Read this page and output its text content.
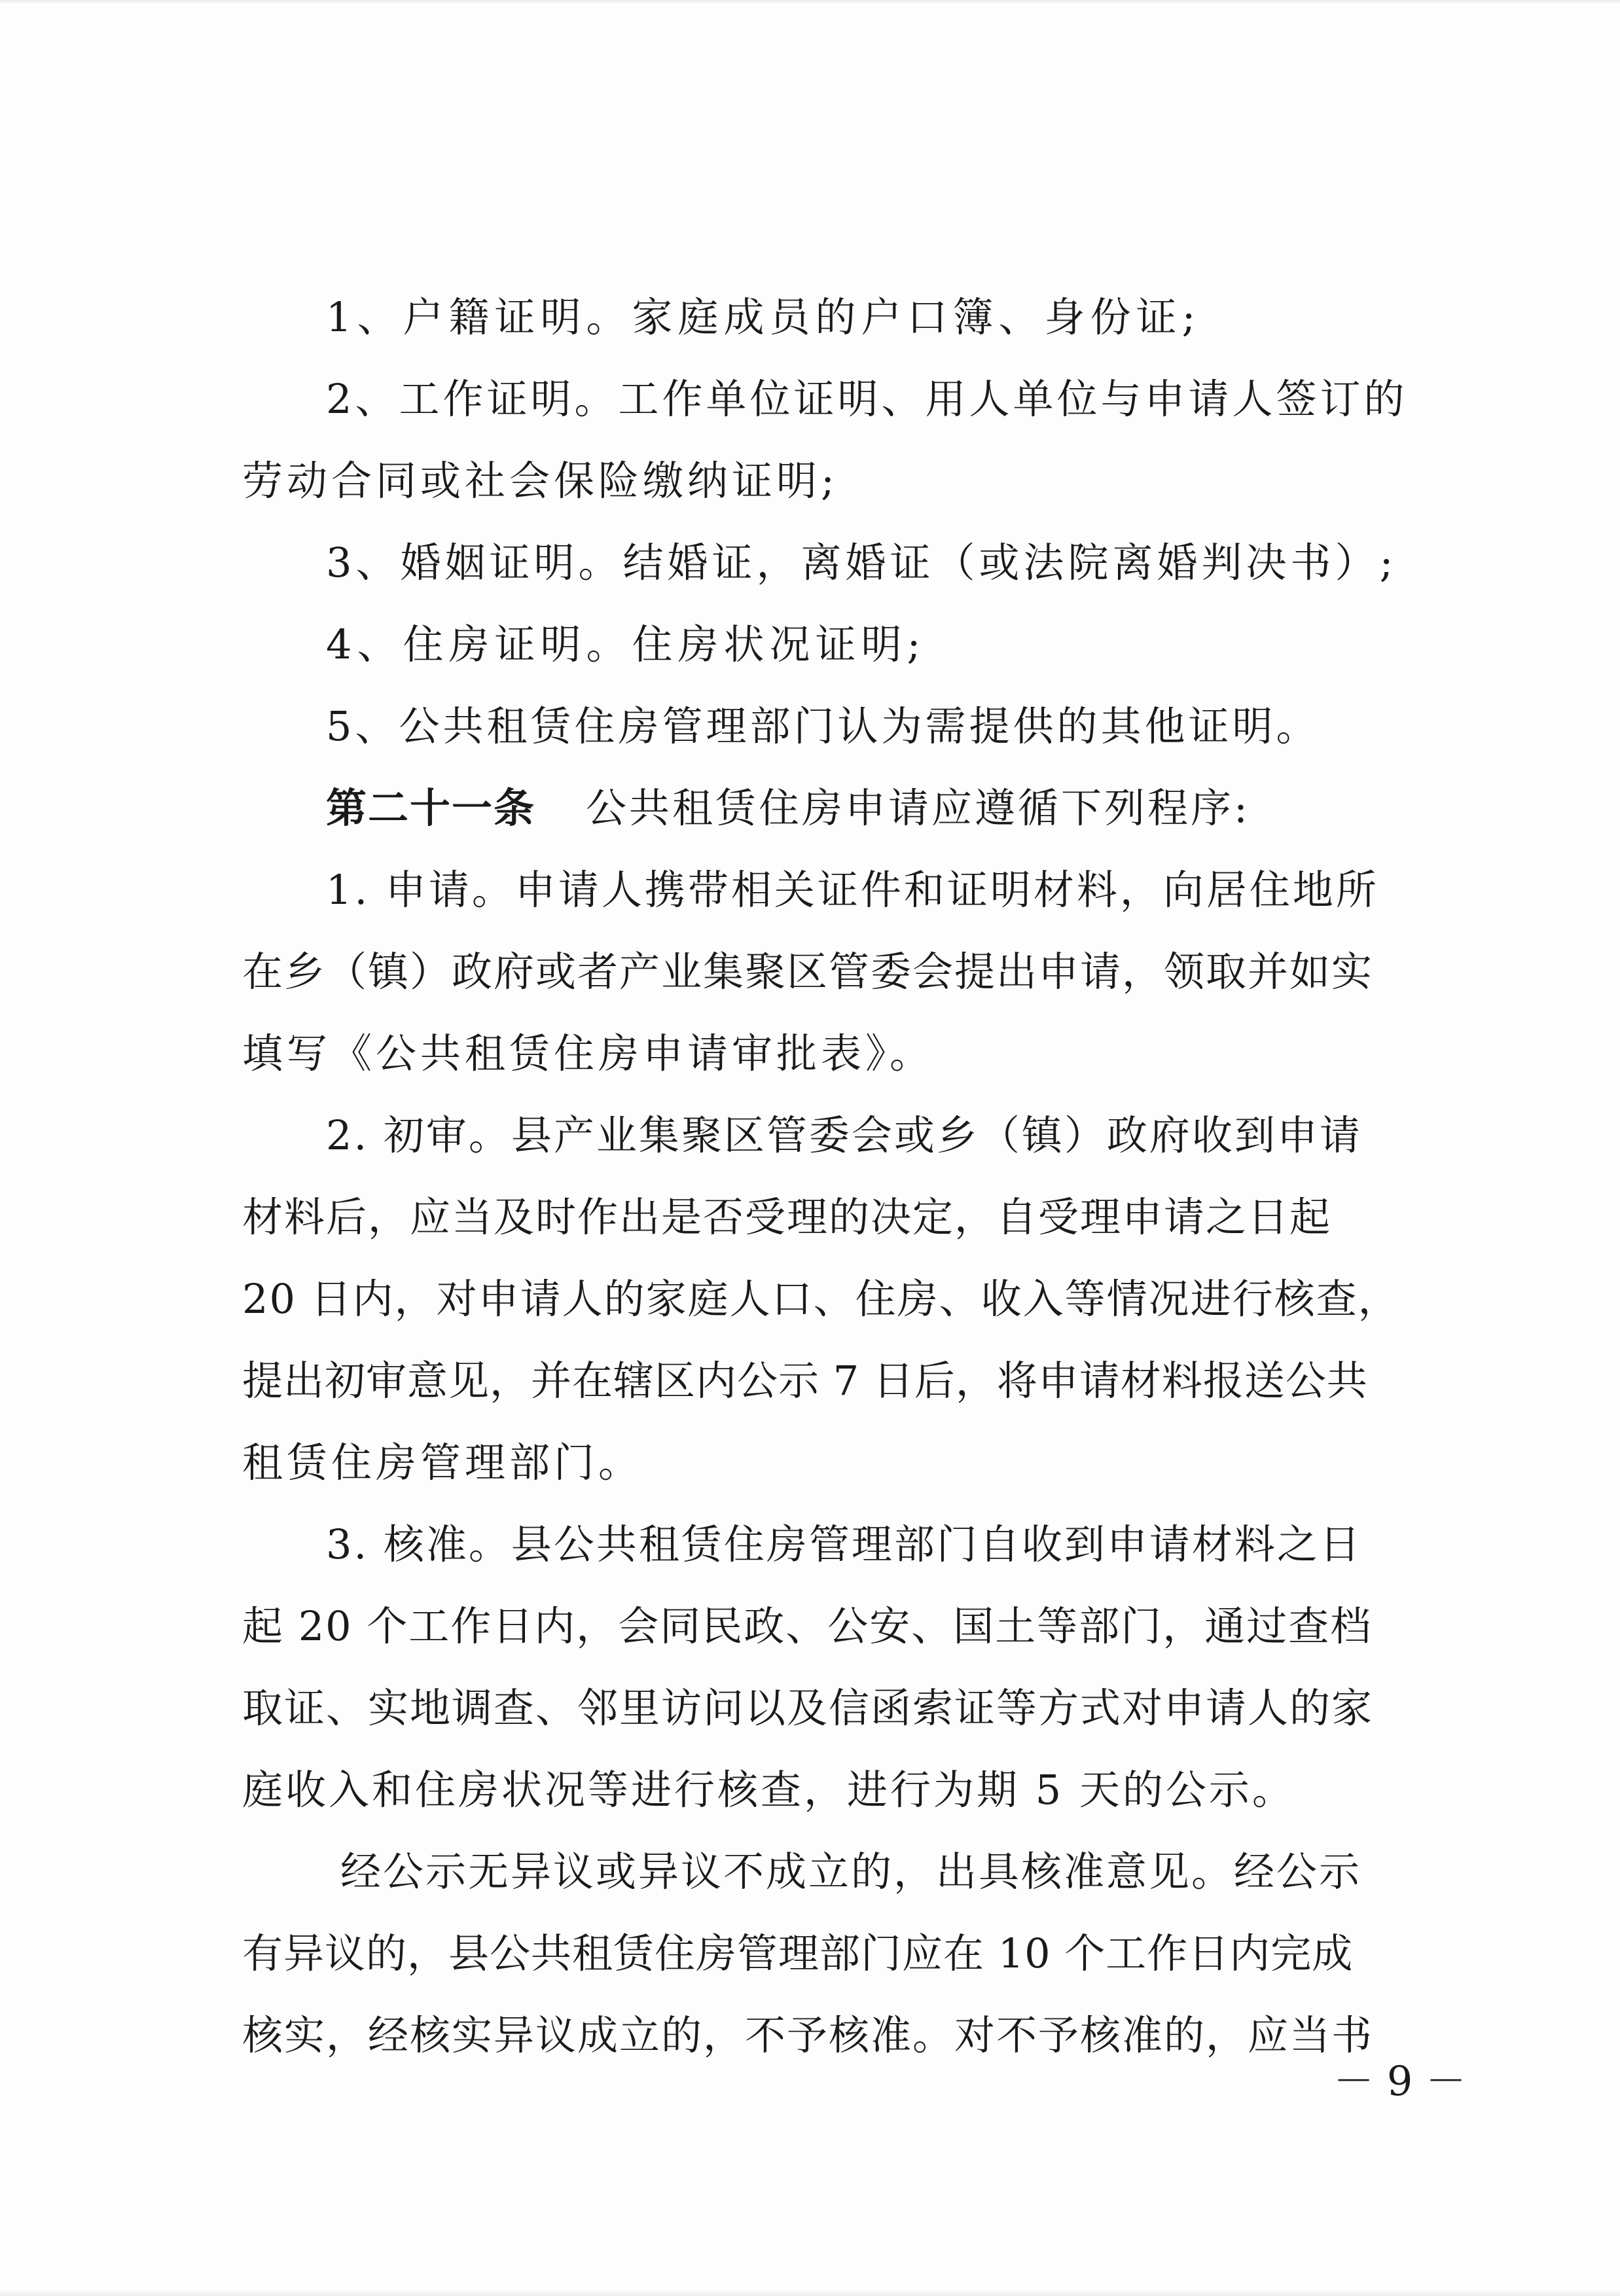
1、户籍证明。家庭成员的户口簿、身份证;
2、工作证明。工作单位证明、用人单位与申请人签订的
劳动合同或社会保险缴纳证明;
3、婚姻证明。结婚证，离婚证（或法院离婚判决书）;
4、住房证明。住房状况证明;
5、公共租赁住房管理部门认为需提供的其他证明。
第二十一条	公共租赁住房申请应遵循下列程序:
1. 申请。申请人携带相关证件和证明材料，向居住地所
在乡（镇）政府或者产业集聚区管委会提出申请，领取并如实
填写《公共租赁住房申请审批表》。
2. 初审。县产业集聚区管委会或乡（镇）政府收到申请
材料后，应当及时作出是否受理的决定，自受理申请之日起
20 日内，对申请人的家庭人口、住房、收入等情况进行核查，
提出初审意见，并在辖区内公示 7 日后，将申请材料报送公共
租赁住房管理部门。
3. 核准。县公共租赁住房管理部门自收到申请材料之日
起 20 个工作日内，会同民政、公安、国土等部门，通过查档
取证、实地调查、邻里访问以及信函索证等方式对申请人的家
庭收入和住房状况等进行核查，进行为期 5 天的公示。
经公示无异议或异议不成立的，出具核准意见。经公示
有异议的，县公共租赁住房管理部门应在 10 个工作日内完成
核实，经核实异议成立的，不予核准。对不予核准的，应当书
－ 9 －
